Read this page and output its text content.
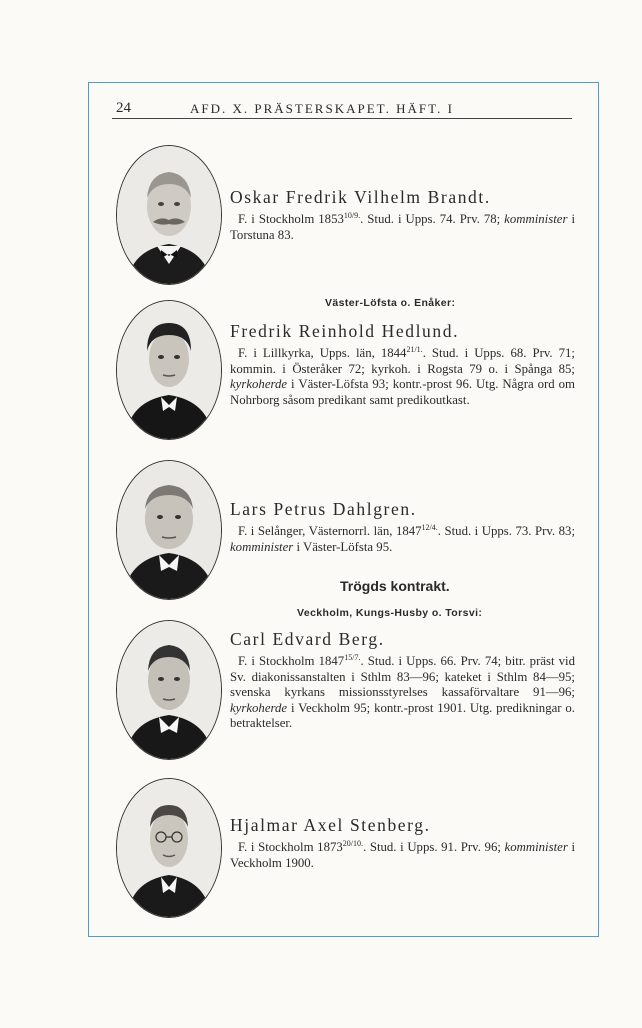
24	AFD. X. PRÄSTERSKAPET. HÄFT. I
Oskar Fredrik Vilhelm Brandt.
F. i Stockholm $1853^{10/9.}$. Stud. i Upps. 74. Prv. 78; komminister i Torstuna 83.
Väster-Löfsta o. Enåker:
Fredrik Reinhold Hedlund.
F. i Lillkyrka, Upps. län, $1844^{21/1.}$. Stud. i Upps. 68. Prv. 71; kommin. i Österåker 72; kyrkoh. i Rogsta 79 o. i Spånga 85; kyrkoherde i Väster-Löfsta 93; kontr.-prost 96. Utg. Några ord om Nohrborg såsom predikant samt predikoutkast.
Lars Petrus Dahlgren.
F. i Selånger, Västernorrl. län, $1847^{12/4.}$. Stud. i Upps. 73. Prv. 83; komminister i Väster-Löfsta 95.
Trögds kontrakt.
Veckholm, Kungs-Husby o. Torsvi:
Carl Edvard Berg.
F. i Stockholm $1847^{15/7.}$. Stud. i Upps. 66. Prv. 74; bitr. präst vid Sv. diakonissanstalten i Sthlm 83—96; kateket i Sthlm 84—95; svenska kyrkans missionsstyrelses kassaförvaltare 91—96; kyrkoherde i Veckholm 95; kontr.-prost 1901. Utg. predikningar o. betraktelser.
Hjalmar Axel Stenberg.
F. i Stockholm $1873^{20/10.}$. Stud. i Upps. 91. Prv. 96; komminister i Veckholm 1900.
